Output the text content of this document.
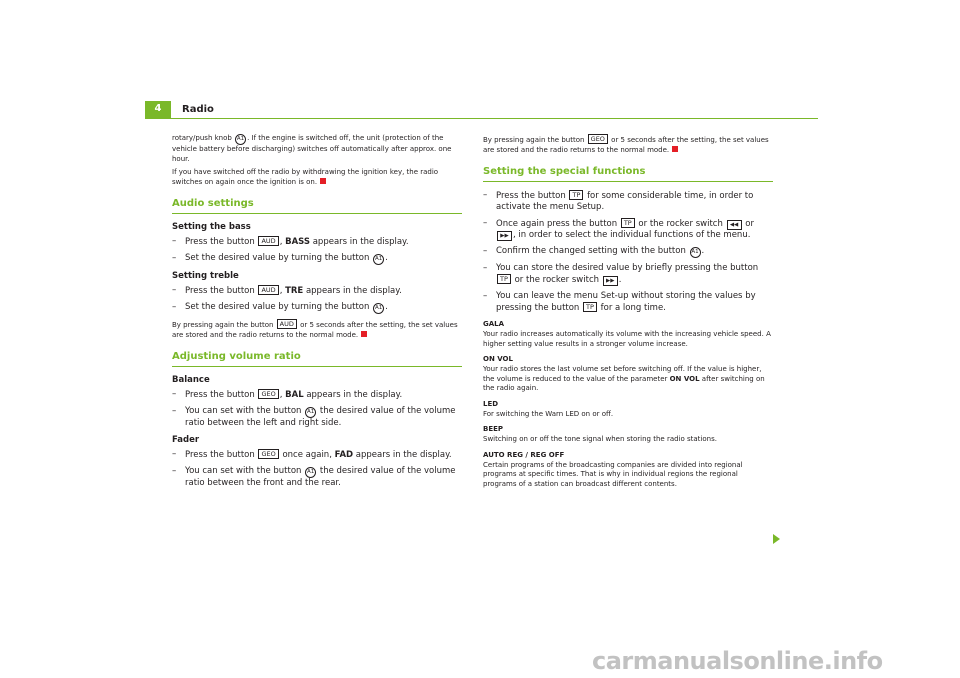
4	Radio

rotary/push knob A1 . If the engine is switched off, the unit (protection of the vehicle battery before discharging) switches off automatically after approx. one hour.

If you have switched off the radio by withdrawing the ignition key, the radio switches on again once the ignition is on.

Audio settings
Setting the bass
– Press the button AUD , BASS appears in the display.
– Set the desired value by turning the button A1 .
Setting treble
– Press the button AUD , TRE appears in the display.
– Set the desired value by turning the button A1 .

By pressing again the button AUD or 5 seconds after the setting, the set values are stored and the radio returns to the normal mode.

Adjusting volume ratio
Balance
– Press the button GEO , BAL appears in the display.
– You can set with the button A1 the desired value of the volume ratio between the left and right side.
Fader
– Press the button GEO once again, FAD appears in the display.
– You can set with the button A1 the desired value of the volume ratio between the front and the rear.

By pressing again the button GEO or 5 seconds after the setting, the set values are stored and the radio returns to the normal mode.

Setting the special functions
– Press the button TP for some considerable time, in order to activate the menu Setup.
– Once again press the button TP or the rocker switch ◀◀ or ▶▶ , in order to select the individual functions of the menu.
– Confirm the changed setting with the button A1 .
– You can store the desired value by briefly pressing the button TP or the rocker switch ▶▶ .
– You can leave the menu Set-up without storing the values by pressing the button TP for a long time.
GALA

Your radio increases automatically its volume with the increasing vehicle speed. A higher setting value results in a stronger volume increase.

ON VOL

Your radio stores the last volume set before switching off. If the value is higher, the volume is reduced to the value of the parameter ON VOL after switching on the radio again.

LED

For switching the Warn LED on or off.

BEEP

Switching on or off the tone signal when storing the radio stations.

AUTO REG / REG OFF

Certain programs of the broadcasting companies are divided into regional programs at specific times. That is why in individual regions the regional programs of a station can broadcast different contents.

carmanualsonline.info
